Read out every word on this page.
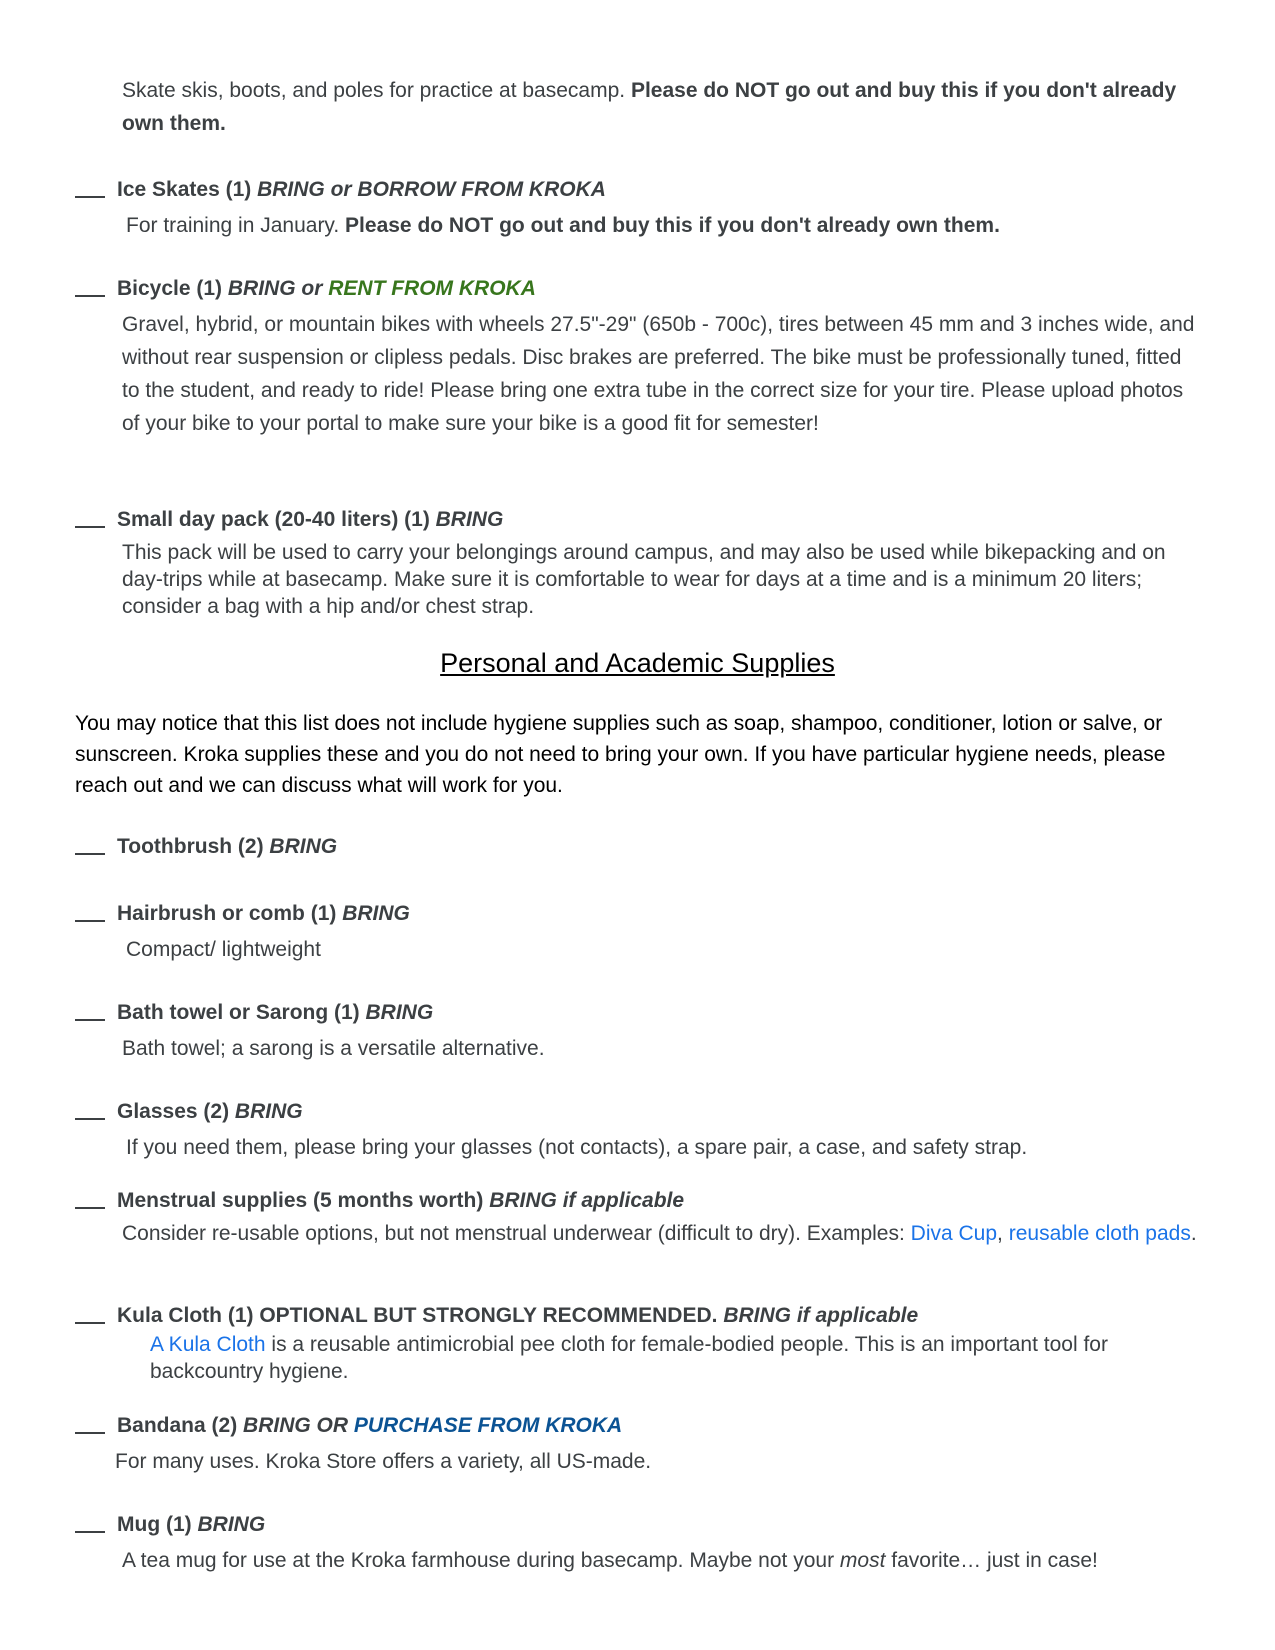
Skate skis, boots, and poles for practice at basecamp. Please do NOT go out and buy this if you don't already own them.
Ice Skates (1) BRING or BORROW FROM KROKA
For training in January. Please do NOT go out and buy this if you don't already own them.
Bicycle (1) BRING or RENT FROM KROKA
Gravel, hybrid, or mountain bikes with wheels 27.5"-29" (650b - 700c), tires between 45 mm and 3 inches wide, and without rear suspension or clipless pedals. Disc brakes are preferred. The bike must be professionally tuned, fitted to the student, and ready to ride! Please bring one extra tube in the correct size for your tire. Please upload photos of your bike to your portal to make sure your bike is a good fit for semester!
Small day pack (20-40 liters) (1) BRING
This pack will be used to carry your belongings around campus, and may also be used while bikepacking and on day-trips while at basecamp. Make sure it is comfortable to wear for days at a time and is a minimum 20 liters; consider a bag with a hip and/or chest strap.
Personal and Academic Supplies
You may notice that this list does not include hygiene supplies such as soap, shampoo, conditioner, lotion or salve, or sunscreen. Kroka supplies these and you do not need to bring your own. If you have particular hygiene needs, please reach out and we can discuss what will work for you.
Toothbrush (2) BRING
Hairbrush or comb (1) BRING
Compact/ lightweight
Bath towel or Sarong (1) BRING
Bath towel; a sarong is a versatile alternative.
Glasses (2) BRING
If you need them, please bring your glasses (not contacts), a spare pair, a case, and safety strap.
Menstrual supplies (5 months worth) BRING if applicable
Consider re-usable options, but not menstrual underwear (difficult to dry). Examples: Diva Cup, reusable cloth pads.
Kula Cloth (1) OPTIONAL BUT STRONGLY RECOMMENDED. BRING if applicable
A Kula Cloth is a reusable antimicrobial pee cloth for female-bodied people. This is an important tool for backcountry hygiene.
Bandana (2) BRING OR PURCHASE FROM KROKA
For many uses. Kroka Store offers a variety, all US-made.
Mug (1) BRING
A tea mug for use at the Kroka farmhouse during basecamp. Maybe not your most favorite… just in case!
